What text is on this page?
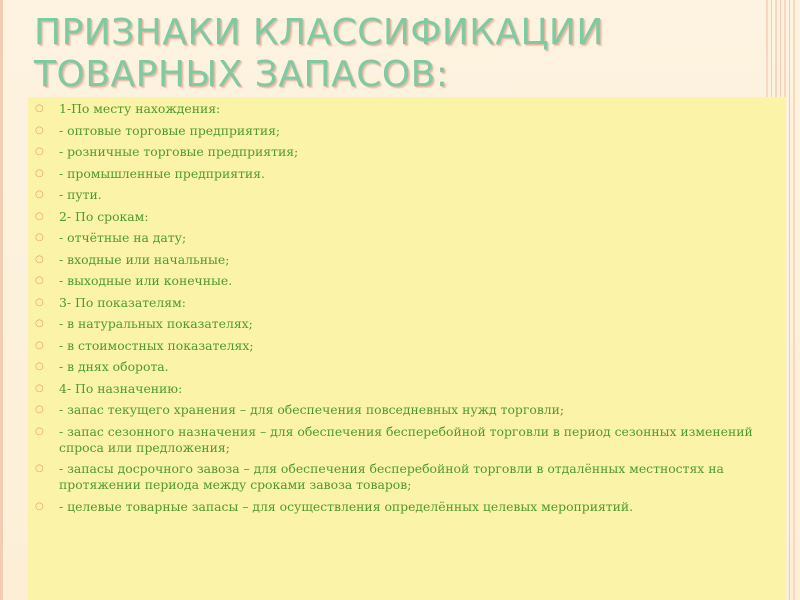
ПРИЗНАКИ КЛАССИФИКАЦИИ ТОВАРНЫХ ЗАПАСОВ:
○ 1-По месту нахождения:
○ - оптовые торговые предприятия;
○ - розничные торговые предприятия;
○ - промышленные предприятия.
○ - пути.
○ 2- По срокам:
○ - отчётные на дату;
○ - входные или начальные;
○ - выходные или конечные.
○ 3- По показателям:
○ - в натуральных показателях;
○ - в стоимостных показателях;
○ - в днях оборота.
○ 4- По назначению:
○ - запас текущего хранения – для обеспечения повседневных нужд торговли;
○ - запас сезонного назначения – для обеспечения бесперебойной торговли в период сезонных изменений спроса или предложения;
○ - запасы досрочного завоза – для обеспечения бесперебойной торговли в отдалённых местностях на протяжении периода между сроками завоза товаров;
○ - целевые товарные запасы – для осуществления определённых целевых мероприятий.
